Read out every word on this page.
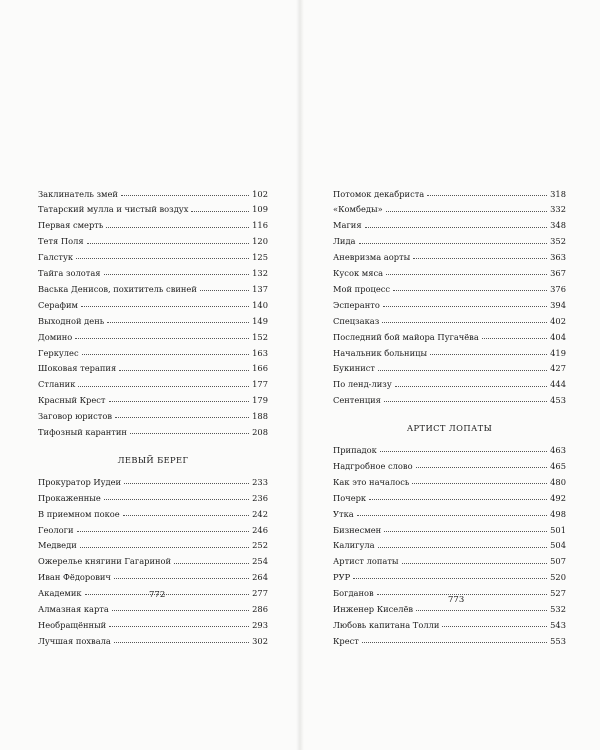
Заклинатель змей	102
Татарский мулла и чистый воздух	109
Первая смерть	116
Тетя Поля	120
Галстук	125
Тайга золотая	132
Васька Денисов, похититель свиней	137
Серафим	140
Выходной день	149
Домино	152
Геркулес	163
Шоковая терапия	166
Стланик	177
Красный Крест	179
Заговор юристов	188
Тифозный карантин	208
ЛЕВЫЙ БЕРЕГ
Прокуратор Иудеи	233
Прокаженные	236
В приемном покое	242
Геологи	246
Медведи	252
Ожерелье княгини Гагариной	254
Иван Фёдорович	264
Академик	277
Алмазная карта	286
Необращённый	293
Лучшая похвала	302
772
Потомок декабриста	318
«Комбеды»	332
Магия	348
Лида	352
Аневризма аорты	363
Кусок мяса	367
Мой процесс	376
Эсперанто	394
Спецзаказ	402
Последний бой майора Пугачёва	404
Начальник больницы	419
Букинист	427
По ленд-лизу	444
Сентенция	453
АРТИСТ ЛОПАТЫ
Припадок	463
Надгробное слово	465
Как это началось	480
Почерк	492
Утка	498
Бизнесмен	501
Калигула	504
Артист лопаты	507
РУР	520
Богданов	527
Инженер Киселёв	532
Любовь капитана Толли	543
Крест	553
773
